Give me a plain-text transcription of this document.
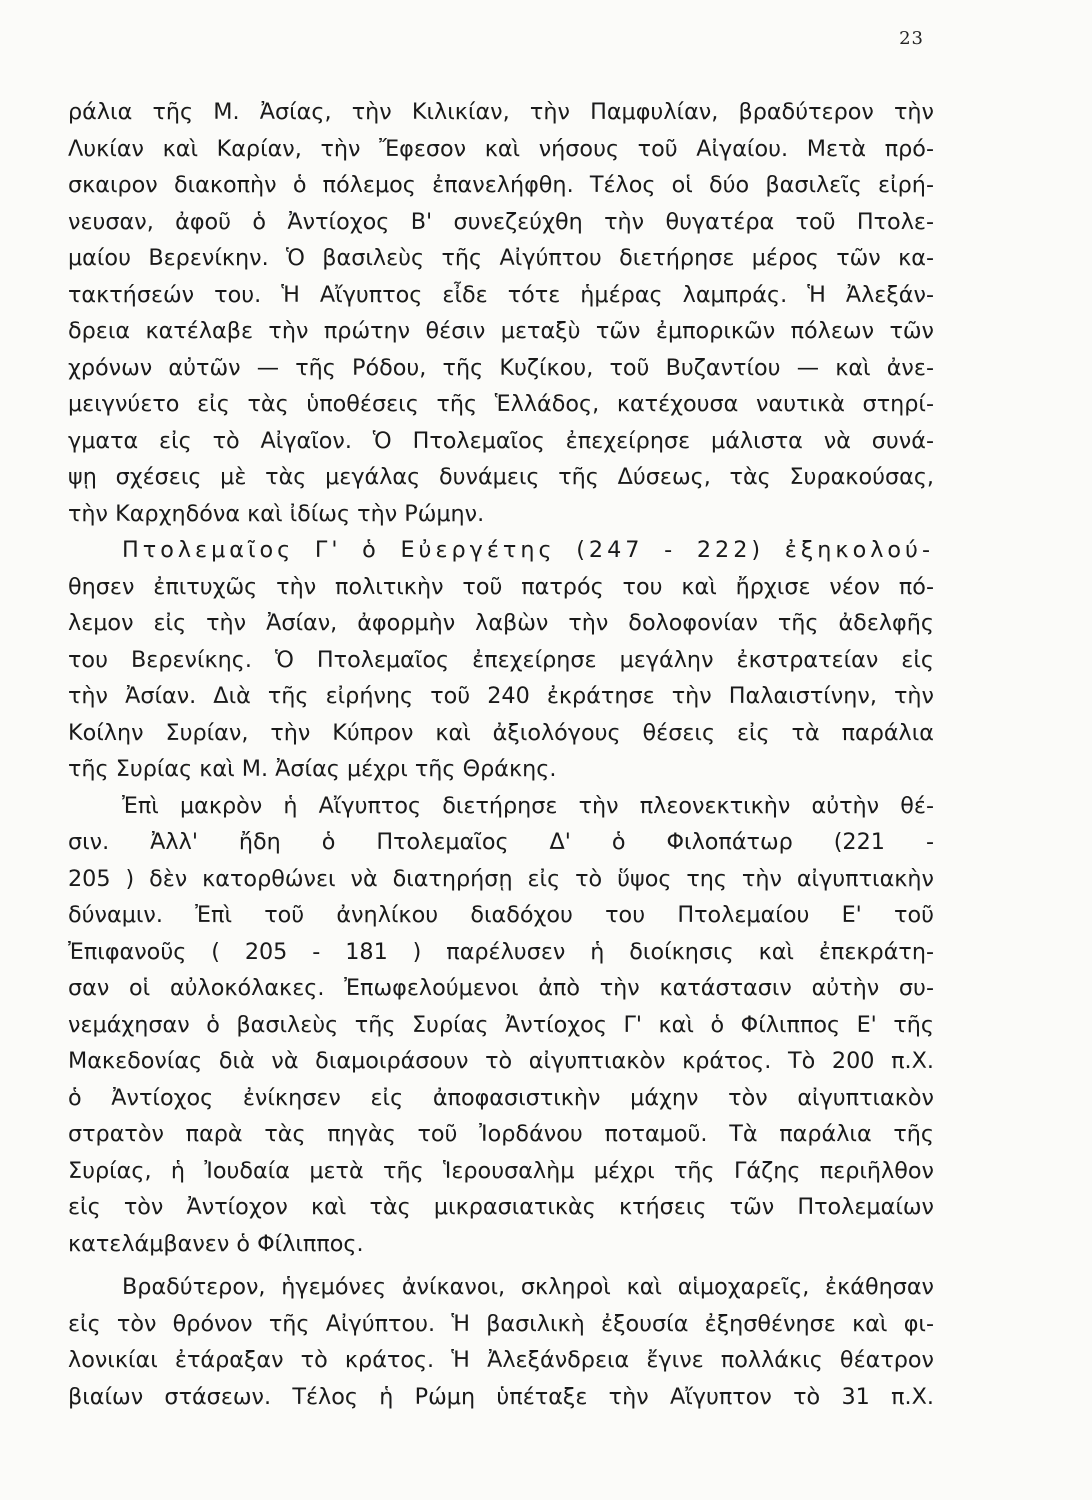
23
ράλια τῆς Μ. Ἀσίας, τὴν Κιλικίαν, τὴν Παμφυλίαν, βραδύτερον τὴν
Λυκίαν καὶ Καρίαν, τὴν Ἔφεσον καὶ νήσους τοῦ Αἰγαίου. Μετὰ πρό-
σκαιρον διακοπὴν ὁ πόλεμος ἐπανελήφθη. Τέλος οἱ δύο βασιλεῖς εἰρή-
νευσαν, ἀφοῦ ὁ Ἀντίοχος Β' συνεζεύχθη τὴν θυγατέρα τοῦ Πτολε-
μαίου Βερενίκην. Ὁ βασιλεὺς τῆς Αἰγύπτου διετήρησε μέρος τῶν κα-
τακτήσεών του. Ἡ Αἴγυπτος εἶδε τότε ἡμέρας λαμπράς. Ἡ Ἀλεξάν-
δρεια κατέλαβε τὴν πρώτην θέσιν μεταξὺ τῶν ἐμπορικῶν πόλεων τῶν
χρόνων αὐτῶν — τῆς Ρόδου, τῆς Κυζίκου, τοῦ Βυζαντίου — καὶ ἀνε-
μειγνύετο εἰς τὰς ὑποθέσεις τῆς Ἑλλάδος, κατέχουσα ναυτικὰ στηρί-
γματα εἰς τὸ Αἰγαῖον. Ὁ Πτολεμαῖος ἐπεχείρησε μάλιστα νὰ συνά-
ψῃ σχέσεις μὲ τὰς μεγάλας δυνάμεις τῆς Δύσεως, τὰς Συρακούσας,
τὴν Καρχηδόνα καὶ ἰδίως τὴν Ρώμην.
Πτολεμαῖος Γ' ὁ Εὐεργέτης (247 - 222) ἐξηκολού-
θησεν ἐπιτυχῶς τὴν πολιτικὴν τοῦ πατρός του καὶ ἤρχισε νέον πό-
λεμον εἰς τὴν Ἀσίαν, ἀφορμὴν λαβὼν τὴν δολοφονίαν τῆς ἀδελφῆς
του Βερενίκης. Ὁ Πτολεμαῖος ἐπεχείρησε μεγάλην ἐκστρατείαν εἰς
τὴν Ἀσίαν. Διὰ τῆς εἰρήνης τοῦ 240 ἐκράτησε τὴν Παλαιστίνην, τὴν
Κοίλην Συρίαν, τὴν Κύπρον καὶ ἀξιολόγους θέσεις εἰς τὰ παράλια
τῆς Συρίας καὶ Μ. Ἀσίας μέχρι τῆς Θράκης.
Ἐπὶ μακρὸν ἡ Αἴγυπτος διετήρησε τὴν πλεονεκτικὴν αὐτὴν θέ-
σιν. Ἀλλ' ἤδη ὁ Πτολεμαῖος Δ' ὁ Φιλοπάτωρ (221 -
205 ) δὲν κατορθώνει νὰ διατηρήσῃ εἰς τὸ ὕψος της τὴν αἰγυπτιακὴν
δύναμιν. Ἐπὶ τοῦ ἀνηλίκου διαδόχου του Πτολεμαίου Ε' τοῦ
Ἐπιφανοῦς ( 205 - 181 ) παρέλυσεν ἡ διοίκησις καὶ ἐπεκράτη-
σαν οἱ αὐλοκόλακες. Ἐπωφελούμενοι ἀπὸ τὴν κατάστασιν αὐτὴν συ-
νεμάχησαν ὁ βασιλεὺς τῆς Συρίας Ἀντίοχος Γ' καὶ ὁ Φίλιππος Ε' τῆς
Μακεδονίας διὰ νὰ διαμοιράσουν τὸ αἰγυπτιακὸν κράτος. Τὸ 200 π.Χ.
ὁ Ἀντίοχος ἐνίκησεν εἰς ἀποφασιστικὴν μάχην τὸν αἰγυπτιακὸν
στρατὸν παρὰ τὰς πηγὰς τοῦ Ἰορδάνου ποταμοῦ. Τὰ παράλια τῆς
Συρίας, ἡ Ἰουδαία μετὰ τῆς Ἱερουσαλὴμ μέχρι τῆς Γάζης περιῆλθον
εἰς τὸν Ἀντίοχον καὶ τὰς μικρασιατικὰς κτήσεις τῶν Πτολεμαίων
κατελάμβανεν ὁ Φίλιππος.
Βραδύτερον, ἡγεμόνες ἀνίκανοι, σκληροὶ καὶ αἱμοχαρεῖς, ἐκάθησαν
εἰς τὸν θρόνον τῆς Αἰγύπτου. Ἡ βασιλικὴ ἐξουσία ἐξησθένησε καὶ φι-
λονικίαι ἐτάραξαν τὸ κράτος. Ἡ Ἀλεξάνδρεια ἔγινε πολλάκις θέατρον
βιαίων στάσεων. Τέλος ἡ Ρώμη ὑπέταξε τὴν Αἴγυπτον τὸ 31 π.Χ.
